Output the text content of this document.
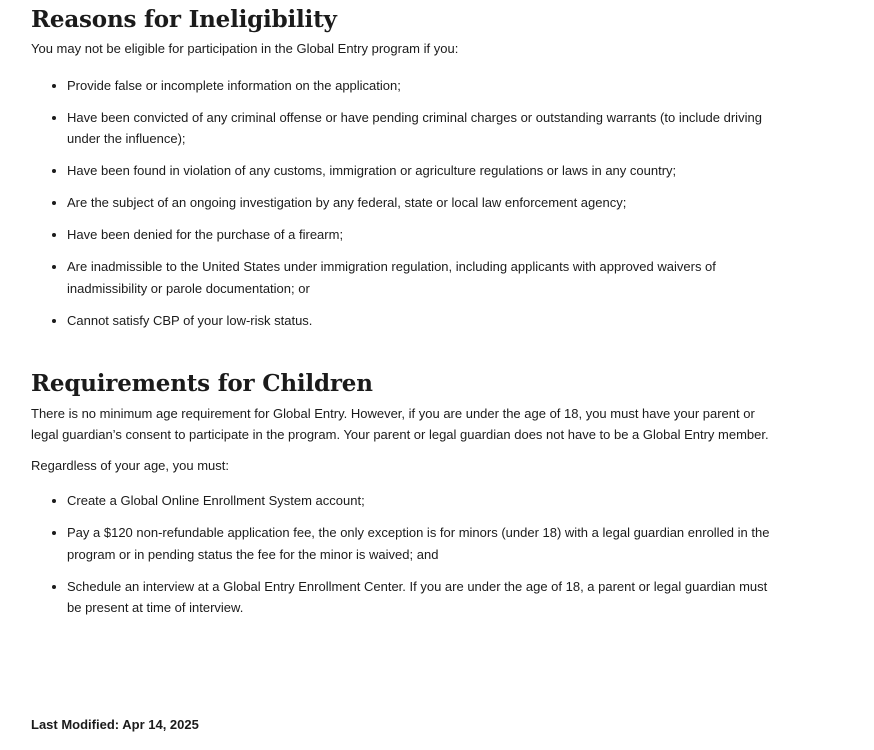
Reasons for Ineligibility

You may not be eligible for participation in the Global Entry program if you:

• Provide false or incomplete information on the application;
• Have been convicted of any criminal offense or have pending criminal charges or outstanding warrants (to include driving under the influence);
• Have been found in violation of any customs, immigration or agriculture regulations or laws in any country;
• Are the subject of an ongoing investigation by any federal, state or local law enforcement agency;
• Have been denied for the purchase of a firearm;
• Are inadmissible to the United States under immigration regulation, including applicants with approved waivers of inadmissibility or parole documentation; or
• Cannot satisfy CBP of your low-risk status.
Requirements for Children

There is no minimum age requirement for Global Entry. However, if you are under the age of 18, you must have your parent or legal guardian’s consent to participate in the program. Your parent or legal guardian does not have to be a Global Entry member.

Regardless of your age, you must:

• Create a Global Online Enrollment System account;
• Pay a $120 non-refundable application fee, the only exception is for minors (under 18) with a legal guardian enrolled in the program or in pending status the fee for the minor is waived; and
• Schedule an interview at a Global Entry Enrollment Center. If you are under the age of 18, a parent or legal guardian must be present at time of interview.
Last Modified: Apr 14, 2025
